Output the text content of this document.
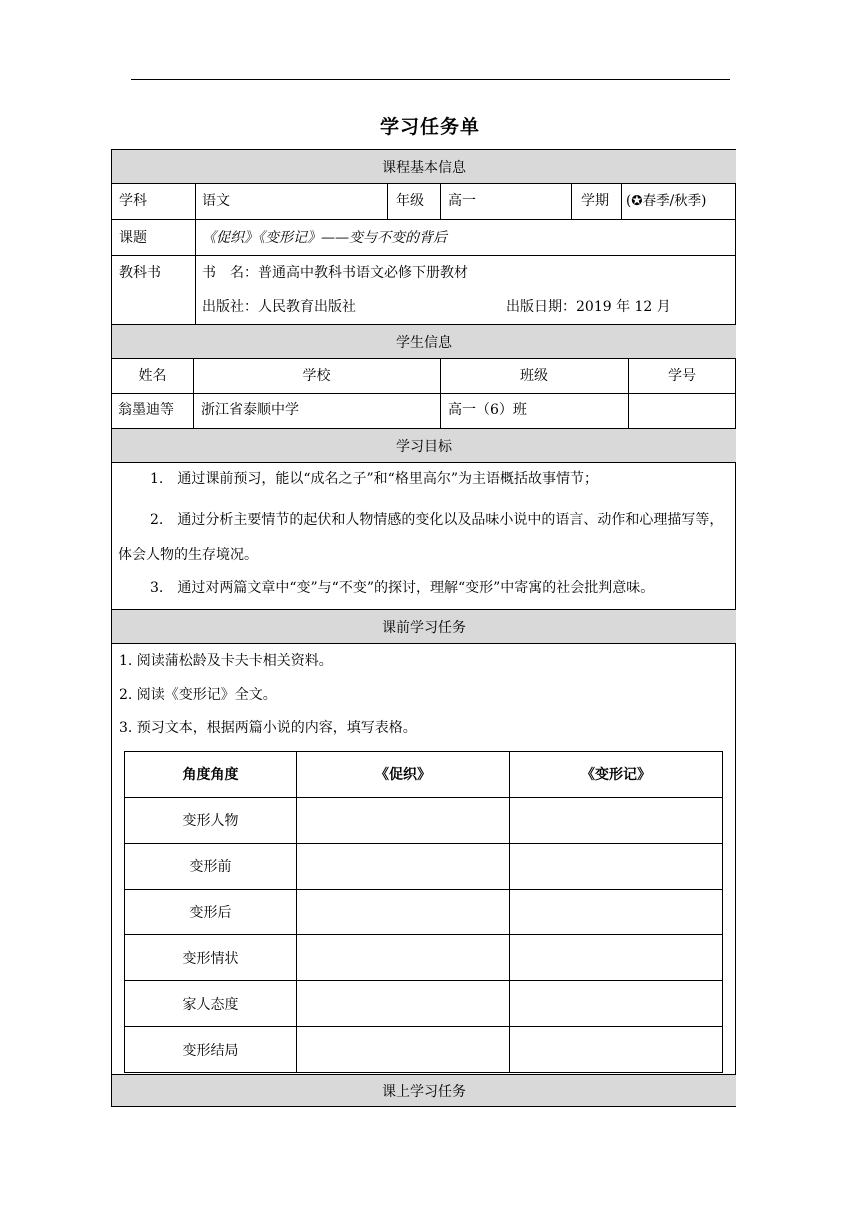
学习任务单
课程基本信息
学科	语文	年级 高一	学期 (✪春季/秋季)
课题	《促织》《变形记》——变与不变的背后
教科书	书　名：普通高中教科书语文必修下册教材
出版社：人民教育出版社	出版日期：2019 年 12 月
学生信息
姓名	学校	班级	学号
翁墨迪等 浙江省泰顺中学	高一（6）班
学习目标
1.　通过课前预习，能以“成名之子”和“格里高尔”为主语概括故事情节；
2.　通过分析主要情节的起伏和人物情感的变化以及品味小说中的语言、动作和心理描写等，体会人物的生存境况。
3.　通过对两篇文章中“变”与“不变”的探讨，理解“变形”中寄寓的社会批判意味。
课前学习任务
1. 阅读蒲松龄及卡夫卡相关资料。
2. 阅读《变形记》全文。
3. 预习文本，根据两篇小说的内容，填写表格。
角度角度	《促织》	《变形记》
变形人物		
变形前		
变形后		
变形情状		
家人态度		
变形结局		
课上学习任务
